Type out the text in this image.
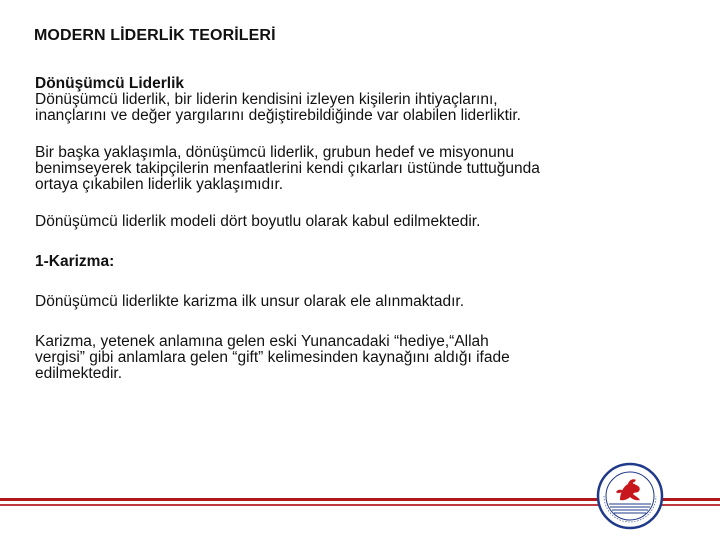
MODERN LİDERLİK TEORİLERİ

Dönüşümcü Liderlik

Dönüşümcü liderlik, bir liderin kendisini izleyen kişilerin ihtiyaçlarını,

inançlarını ve değer yargılarını değiştirebildiğinde var olabilen liderliktir.

Bir başka yaklaşımla, dönüşümcü liderlik, grubun hedef ve misyonunu

benimseyerek takipçilerin menfaatlerini kendi çıkarları üstünde tuttuğunda

ortaya çıkabilen liderlik yaklaşımıdır.

Dönüşümcü liderlik modeli dört boyutlu olarak kabul edilmektedir.

1-Karizma:

Dönüşümcü liderlikte karizma ilk unsur olarak ele alınmaktadır.

Karizma, yetenek anlamına gelen eski Yunancadaki “hediye,“Allah

vergisi” gibi anlamlara gelen “gift” kelimesinden kaynağını aldığı ifade

edilmektedir.
